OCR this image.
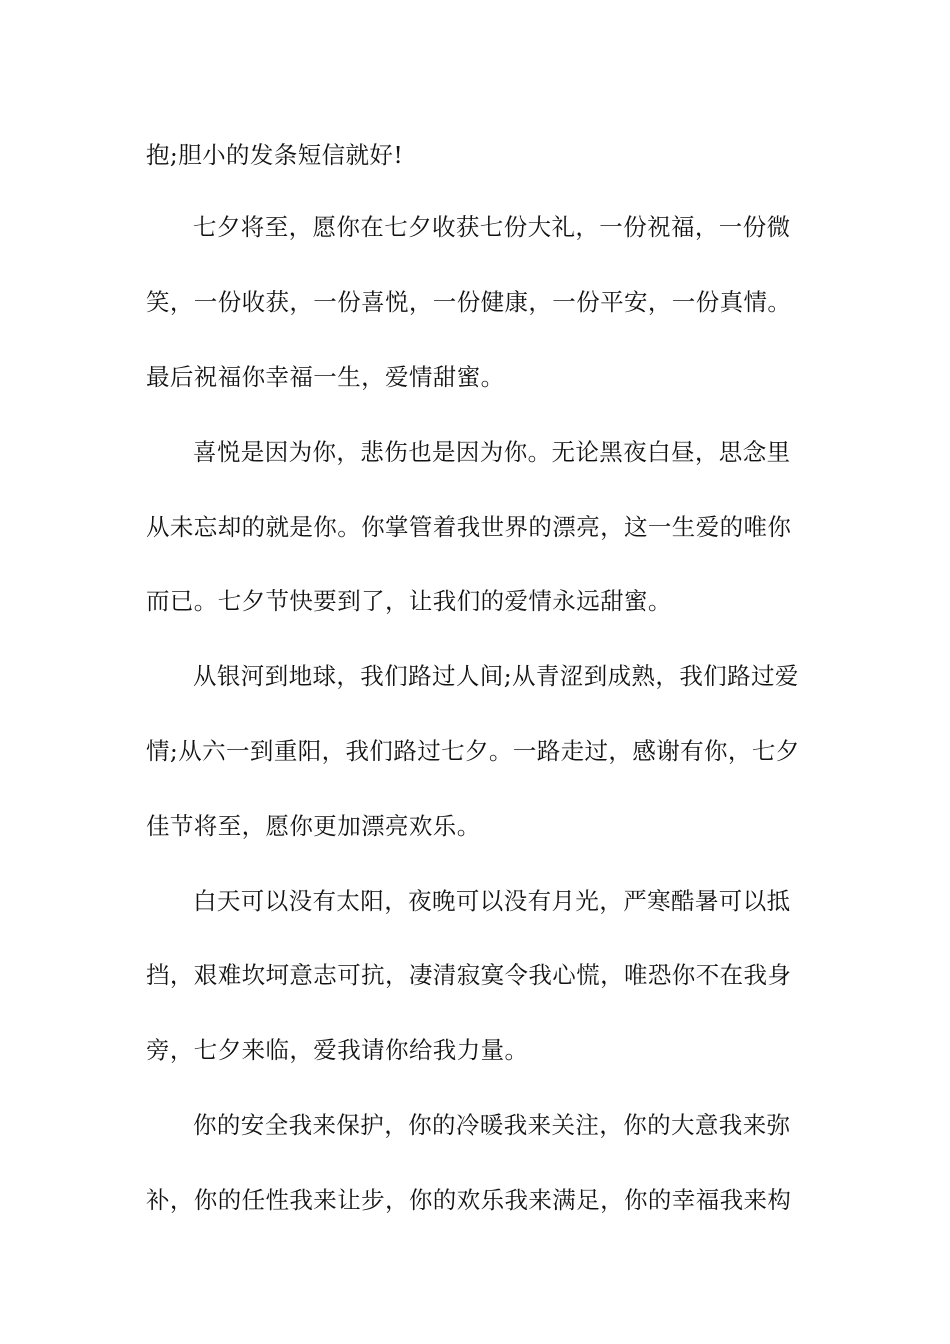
抱;胆小的发条短信就好!

七夕将至，愿你在七夕收获七份大礼，一份祝福，一份微

笑，一份收获，一份喜悦，一份健康，一份平安，一份真情。

最后祝福你幸福一生，爱情甜蜜。

喜悦是因为你，悲伤也是因为你。无论黑夜白昼，思念里

从未忘却的就是你。你掌管着我世界的漂亮，这一生爱的唯你

而已。七夕节快要到了，让我们的爱情永远甜蜜。

从银河到地球，我们路过人间;从青涩到成熟，我们路过爱

情;从六一到重阳，我们路过七夕。一路走过，感谢有你，七夕

佳节将至，愿你更加漂亮欢乐。

白天可以没有太阳，夜晚可以没有月光，严寒酷暑可以抵

挡，艰难坎坷意志可抗，凄清寂寞令我心慌，唯恐你不在我身

旁，七夕来临，爱我请你给我力量。

你的安全我来保护，你的冷暖我来关注，你的大意我来弥

补，你的任性我来让步，你的欢乐我来满足，你的幸福我来构
